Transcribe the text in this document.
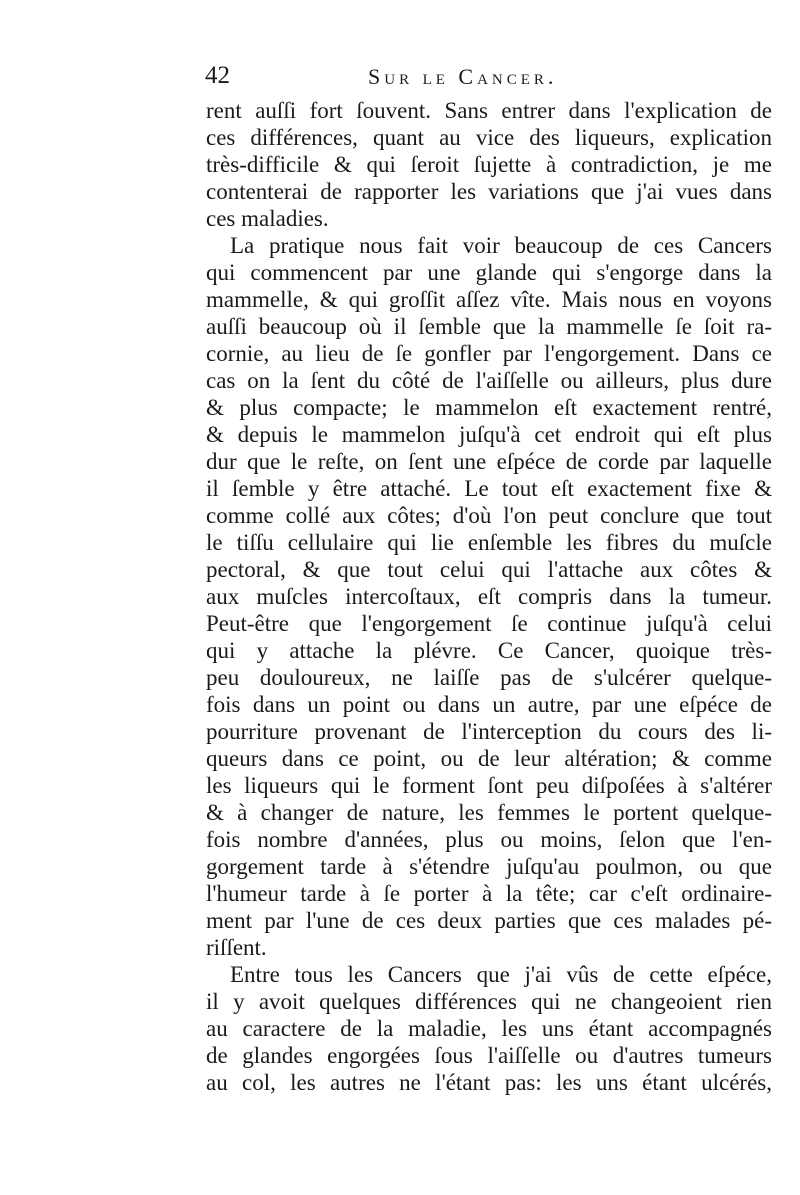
42	Sur le Cancer.
rent auſſi fort ſouvent. Sans entrer dans l'explication de
ces différences, quant au vice des liqueurs, explication
très-difficile & qui ſeroit ſujette à contradiction, je me
contenterai de rapporter les variations que j'ai vues dans
ces maladies.
La pratique nous fait voir beaucoup de ces Cancers
qui commencent par une glande qui s'engorge dans la
mammelle, & qui groſſit aſſez vîte. Mais nous en voyons
auſſi beaucoup où il ſemble que la mammelle ſe ſoit ra-
cornie, au lieu de ſe gonfler par l'engorgement. Dans ce
cas on la ſent du côté de l'aiſſelle ou ailleurs, plus dure
& plus compacte; le mammelon eſt exactement rentré,
& depuis le mammelon juſqu'à cet endroit qui eſt plus
dur que le reſte, on ſent une eſpéce de corde par laquelle
il ſemble y être attaché. Le tout eſt exactement fixe &
comme collé aux côtes; d'où l'on peut conclure que tout
le tiſſu cellulaire qui lie enſemble les fibres du muſcle
pectoral, & que tout celui qui l'attache aux côtes &
aux muſcles intercoſtaux, eſt compris dans la tumeur.
Peut-être que l'engorgement ſe continue juſqu'à celui
qui y attache la plévre. Ce Cancer, quoique très-
peu douloureux, ne laiſſe pas de s'ulcérer quelque-
fois dans un point ou dans un autre, par une eſpéce de
pourriture provenant de l'interception du cours des li-
queurs dans ce point, ou de leur altération; & comme
les liqueurs qui le forment ſont peu diſpoſées à s'altérer
& à changer de nature, les femmes le portent quelque-
fois nombre d'années, plus ou moins, ſelon que l'en-
gorgement tarde à s'étendre juſqu'au poulmon, ou que
l'humeur tarde à ſe porter à la tête; car c'eſt ordinaire-
ment par l'une de ces deux parties que ces malades pé-
riſſent.
Entre tous les Cancers que j'ai vûs de cette eſpéce,
il y avoit quelques différences qui ne changeoient rien
au caractere de la maladie, les uns étant accompagnés
de glandes engorgées ſous l'aiſſelle ou d'autres tumeurs
au col, les autres ne l'étant pas: les uns étant ulcérés,
